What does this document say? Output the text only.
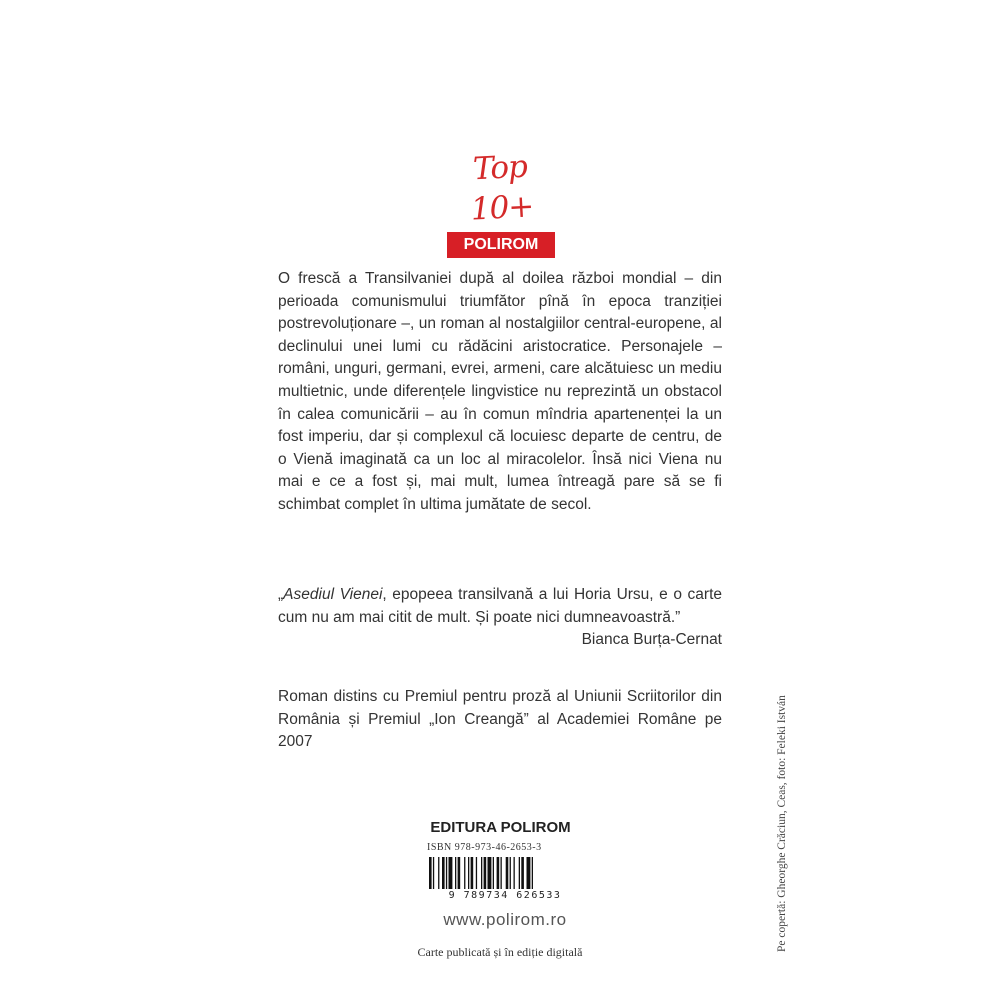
Top 10+
POLIROM
O frescă a Transilvaniei după al doilea război mondial – din perioada comunismului triumfător pînă în epoca tranziției postrevoluționare –, un roman al nostalgiilor central-europene, al declinului unei lumi cu rădăcini aristocratice. Personajele – români, unguri, germani, evrei, armeni, care alcătuiesc un mediu multietnic, unde diferențele lingvistice nu reprezintă un obstacol în calea comunicării – au în comun mîndria apartenenței la un fost imperiu, dar și complexul că locuiesc departe de centru, de o Vienă imaginată ca un loc al miracolelor. Însă nici Viena nu mai e ce a fost și, mai mult, lumea întreagă pare să se fi schimbat complet în ultima jumătate de secol.
„Asediul Vienei, epopeea transilvană a lui Horia Ursu, e o carte cum nu am mai citit de mult. Și poate nici dumneavoastră.”
Bianca Burța-Cernat
Roman distins cu Premiul pentru proză al Uniunii Scriitorilor din România și Premiul „Ion Creangă” al Academiei Române pe 2007
EDITURA POLIROM
ISBN 978-973-46-2653-3
9 789734 626533
www.polirom.ro
Carte publicată și în ediție digitală	Pe copertă: Gheorghe Crăciun, Ceas, foto: Feleki István
